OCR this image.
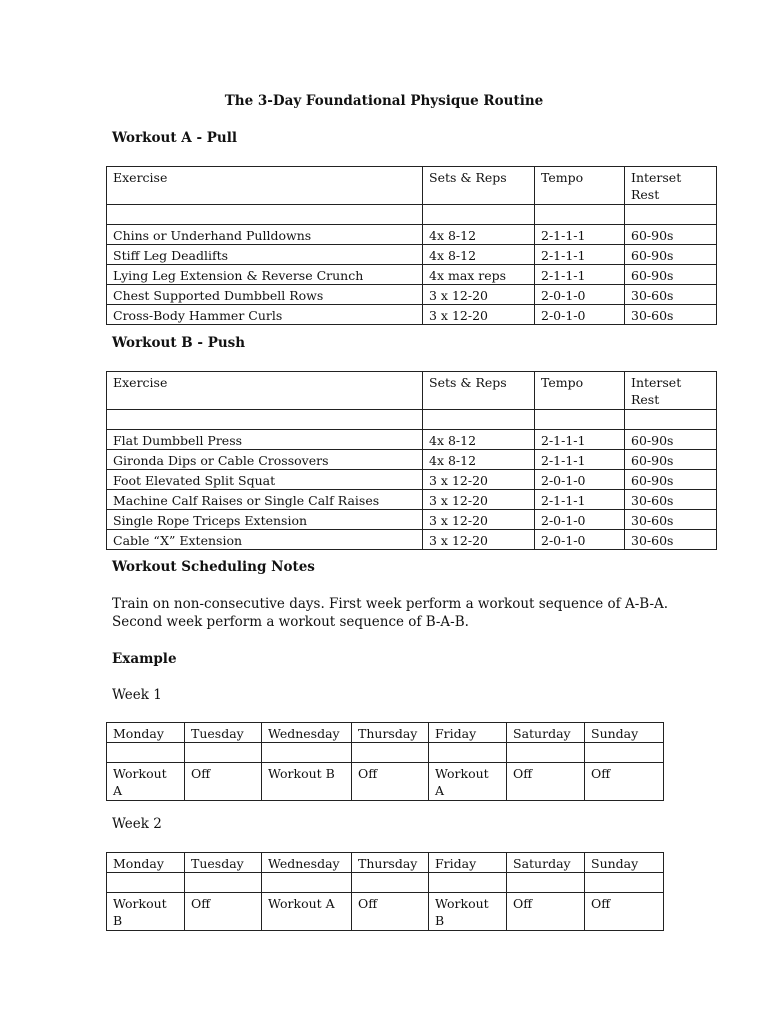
The 3-Day Foundational Physique Routine
Workout A - Pull
Exercise	Sets & Reps	Tempo	Interset Rest

Chins or Underhand Pulldowns	4x 8-12	2-1-1-1	60-90s
Stiff Leg Deadlifts	4x 8-12	2-1-1-1	60-90s
Lying Leg Extension & Reverse Crunch	4x max reps	2-1-1-1	60-90s
Chest Supported Dumbbell Rows	3 x 12-20	2-0-1-0	30-60s
Cross-Body Hammer Curls	3 x 12-20	2-0-1-0	30-60s
Workout B - Push
Exercise	Sets & Reps	Tempo	Interset Rest

Flat Dumbbell Press	4x 8-12	2-1-1-1	60-90s
Gironda Dips or Cable Crossovers	4x 8-12	2-1-1-1	60-90s
Foot Elevated Split Squat	3 x 12-20	2-0-1-0	60-90s
Machine Calf Raises or Single Calf Raises	3 x 12-20	2-1-1-1	30-60s
Single Rope Triceps Extension	3 x 12-20	2-0-1-0	30-60s
Cable “X” Extension	3 x 12-20	2-0-1-0	30-60s
Workout Scheduling Notes
Train on non-consecutive days. First week perform a workout sequence of A-B-A.
Second week perform a workout sequence of B-A-B.
Example
Week 1
Monday	Tuesday	Wednesday	Thursday	Friday	Saturday	Sunday

Workout A	Off	Workout B	Off	Workout A	Off	Off
Week 2
Monday	Tuesday	Wednesday	Thursday	Friday	Saturday	Sunday

Workout B	Off	Workout A	Off	Workout B	Off	Off
